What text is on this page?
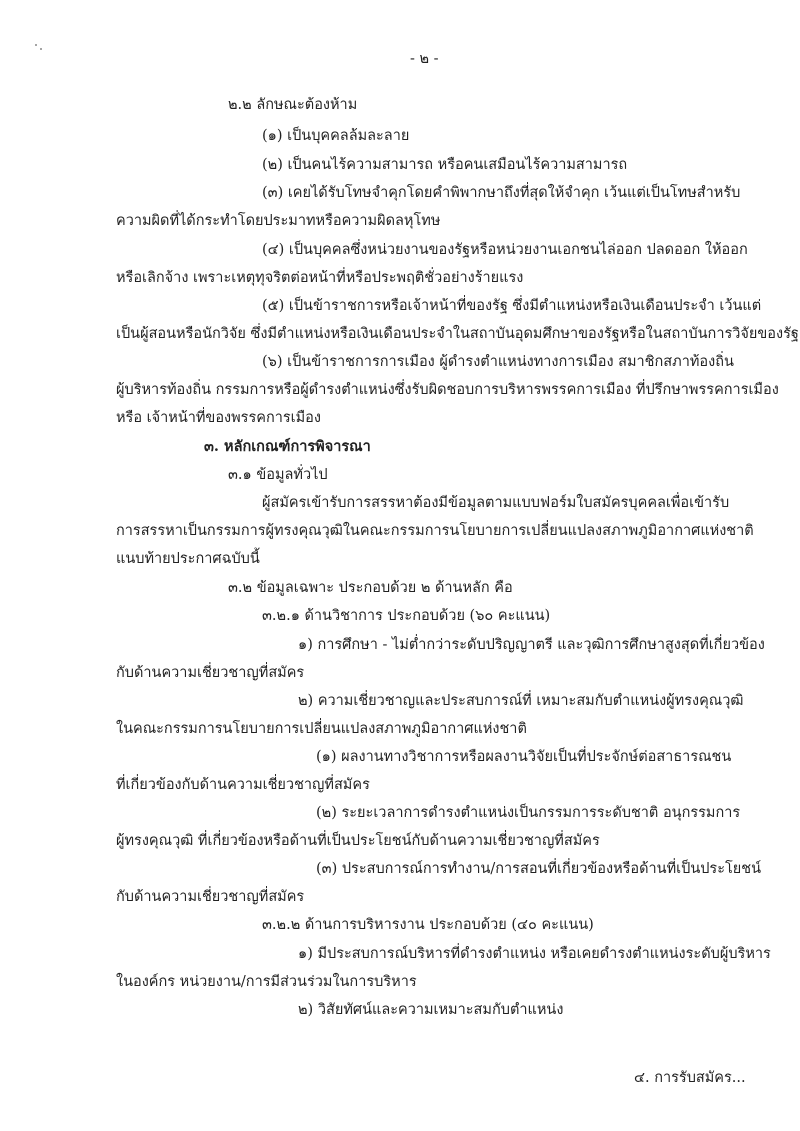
- ๒ -
๒.๒ ลักษณะต้องห้าม
(๑) เป็นบุคคลล้มละลาย
(๒) เป็นคนไร้ความสามารถ หรือคนเสมือนไร้ความสามารถ
(๓) เคยได้รับโทษจำคุกโดยคำพิพากษาถึงที่สุดให้จำคุก เว้นแต่เป็นโทษสำหรับ
ความผิดที่ได้กระทำโดยประมาทหรือความผิดลหุโทษ
(๔) เป็นบุคคลซึ่งหน่วยงานของรัฐหรือหน่วยงานเอกชนไล่ออก ปลดออก ให้ออก
หรือเลิกจ้าง เพราะเหตุทุจริตต่อหน้าที่หรือประพฤติชั่วอย่างร้ายแรง
(๕) เป็นข้าราชการหรือเจ้าหน้าที่ของรัฐ ซึ่งมีตำแหน่งหรือเงินเดือนประจำ เว้นแต่
เป็นผู้สอนหรือนักวิจัย ซึ่งมีตำแหน่งหรือเงินเดือนประจำในสถาบันอุดมศึกษาของรัฐหรือในสถาบันการวิจัยของรัฐ
(๖) เป็นข้าราชการการเมือง ผู้ดำรงตำแหน่งทางการเมือง สมาชิกสภาท้องถิ่น
ผู้บริหารท้องถิ่น กรรมการหรือผู้ดำรงตำแหน่งซึ่งรับผิดชอบการบริหารพรรคการเมือง ที่ปรึกษาพรรคการเมือง
หรือ เจ้าหน้าที่ของพรรคการเมือง
๓. หลักเกณฑ์การพิจารณา
๓.๑ ข้อมูลทั่วไป
ผู้สมัครเข้ารับการสรรหาต้องมีข้อมูลตามแบบฟอร์มใบสมัครบุคคลเพื่อเข้ารับ
การสรรหาเป็นกรรมการผู้ทรงคุณวุฒิในคณะกรรมการนโยบายการเปลี่ยนแปลงสภาพภูมิอากาศแห่งชาติ
แนบท้ายประกาศฉบับนี้
๓.๒ ข้อมูลเฉพาะ ประกอบด้วย ๒ ด้านหลัก คือ
๓.๒.๑ ด้านวิชาการ ประกอบด้วย (๖๐ คะแนน)
๑) การศึกษา - ไม่ต่ำกว่าระดับปริญญาตรี และวุฒิการศึกษาสูงสุดที่เกี่ยวข้อง
กับด้านความเชี่ยวชาญที่สมัคร
๒) ความเชี่ยวชาญและประสบการณ์ที่ เหมาะสมกับตำแหน่งผู้ทรงคุณวุฒิ
ในคณะกรรมการนโยบายการเปลี่ยนแปลงสภาพภูมิอากาศแห่งชาติ
(๑) ผลงานทางวิชาการหรือผลงานวิจัยเป็นที่ประจักษ์ต่อสาธารณชน
ที่เกี่ยวข้องกับด้านความเชี่ยวชาญที่สมัคร
(๒) ระยะเวลาการดำรงตำแหน่งเป็นกรรมการระดับชาติ อนุกรรมการ
ผู้ทรงคุณวุฒิ ที่เกี่ยวข้องหรือด้านที่เป็นประโยชน์กับด้านความเชี่ยวชาญที่สมัคร
(๓) ประสบการณ์การทำงาน/การสอนที่เกี่ยวข้องหรือด้านที่เป็นประโยชน์
กับด้านความเชี่ยวชาญที่สมัคร
๓.๒.๒ ด้านการบริหารงาน ประกอบด้วย (๔๐ คะแนน)
๑) มีประสบการณ์บริหารที่ดำรงตำแหน่ง หรือเคยดำรงตำแหน่งระดับผู้บริหาร
ในองค์กร หน่วยงาน/การมีส่วนร่วมในการบริหาร
๒) วิสัยทัศน์และความเหมาะสมกับตำแหน่ง
๔. การรับสมัคร...
